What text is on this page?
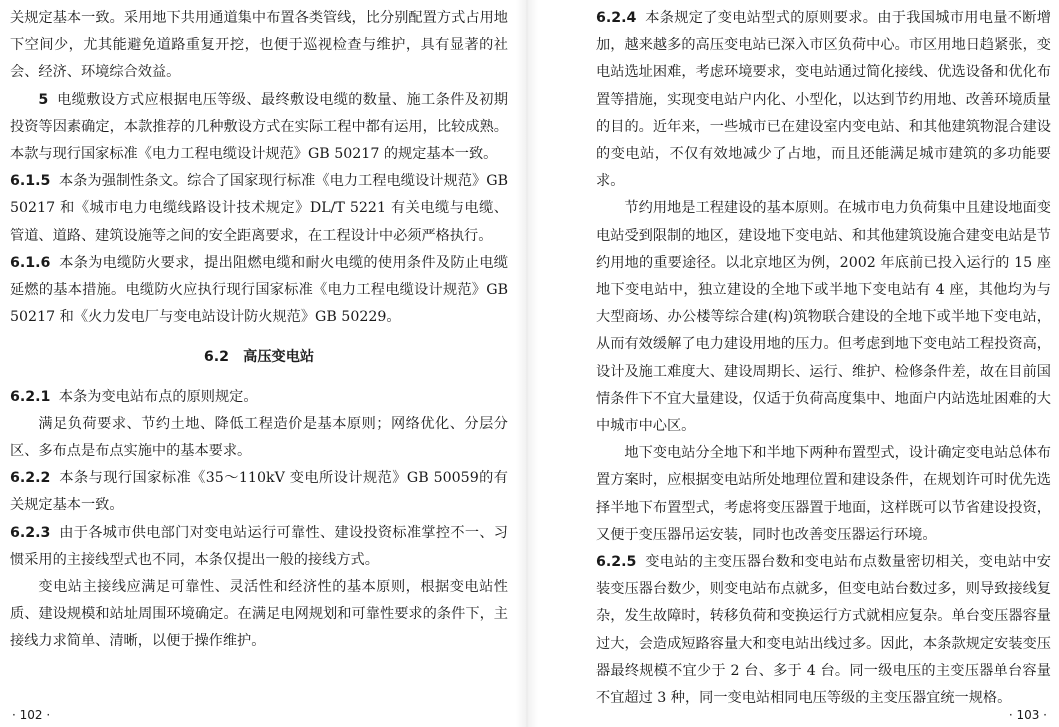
关规定基本一致。采用地下共用通道集中布置各类管线，比分别配置方式占用地下空间少，尤其能避免道路重复开挖，也便于巡视检查与维护，具有显著的社会、经济、环境综合效益。

5 电缆敷设方式应根据电压等级、最终敷设电缆的数量、施工条件及初期投资等因素确定，本款推荐的几种敷设方式在实际工程中都有运用，比较成熟。本款与现行国家标准《电力工程电缆设计规范》GB 50217 的规定基本一致。

6.1.5 本条为强制性条文。综合了国家现行标准《电力工程电缆设计规范》GB 50217 和《城市电力电缆线路设计技术规定》DL/T 5221 有关电缆与电缆、管道、道路、建筑设施等之间的安全距离要求，在工程设计中必须严格执行。

6.1.6 本条为电缆防火要求，提出阻燃电缆和耐火电缆的使用条件及防止电缆延燃的基本措施。电缆防火应执行现行国家标准《电力工程电缆设计规范》GB 50217 和《火力发电厂与变电站设计防火规范》GB 50229。

6.2　高压变电站

6.2.1 本条为变电站布点的原则规定。

满足负荷要求、节约土地、降低工程造价是基本原则；网络优化、分层分区、多布点是布点实施中的基本要求。

6.2.2 本条与现行国家标准《35～110kV 变电所设计规范》GB 50059的有关规定基本一致。

6.2.3 由于各城市供电部门对变电站运行可靠性、建设投资标准掌控不一、习惯采用的主接线型式也不同，本条仅提出一般的接线方式。

变电站主接线应满足可靠性、灵活性和经济性的基本原则，根据变电站性质、建设规模和站址周围环境确定。在满足电网规划和可靠性要求的条件下，主接线力求简单、清晰，以便于操作维护。

· 102 ·

6.2.4 本条规定了变电站型式的原则要求。由于我国城市用电量不断增加，越来越多的高压变电站已深入市区负荷中心。市区用地日趋紧张，变电站选址困难，考虑环境要求，变电站通过简化接线、优选设备和优化布置等措施，实现变电站户内化、小型化，以达到节约用地、改善环境质量的目的。近年来，一些城市已在建设室内变电站、和其他建筑物混合建设的变电站，不仅有效地减少了占地，而且还能满足城市建筑的多功能要求。

节约用地是工程建设的基本原则。在城市电力负荷集中且建设地面变电站受到限制的地区，建设地下变电站、和其他建筑设施合建变电站是节约用地的重要途径。以北京地区为例，2002 年底前已投入运行的 15 座地下变电站中，独立建设的全地下或半地下变电站有 4 座，其他均为与大型商场、办公楼等综合建(构)筑物联合建设的全地下或半地下变电站，从而有效缓解了电力建设用地的压力。但考虑到地下变电站工程投资高，设计及施工难度大、建设周期长、运行、维护、检修条件差，故在目前国情条件下不宜大量建设，仅适于负荷高度集中、地面户内站选址困难的大中城市中心区。

地下变电站分全地下和半地下两种布置型式，设计确定变电站总体布置方案时，应根据变电站所处地理位置和建设条件，在规划许可时优先选择半地下布置型式，考虑将变压器置于地面，这样既可以节省建设投资，又便于变压器吊运安装，同时也改善变压器运行环境。

6.2.5 变电站的主变压器台数和变电站布点数量密切相关，变电站中安装变压器台数少，则变电站布点就多，但变电站台数过多，则导致接线复杂，发生故障时，转移负荷和变换运行方式就相应复杂。单台变压器容量过大，会造成短路容量大和变电站出线过多。因此，本条款规定安装变压器最终规模不宜少于 2 台、多于 4 台。同一级电压的主变压器单台容量不宜超过 3 种，同一变电站相同电压等级的主变压器宜统一规格。

· 103 ·
